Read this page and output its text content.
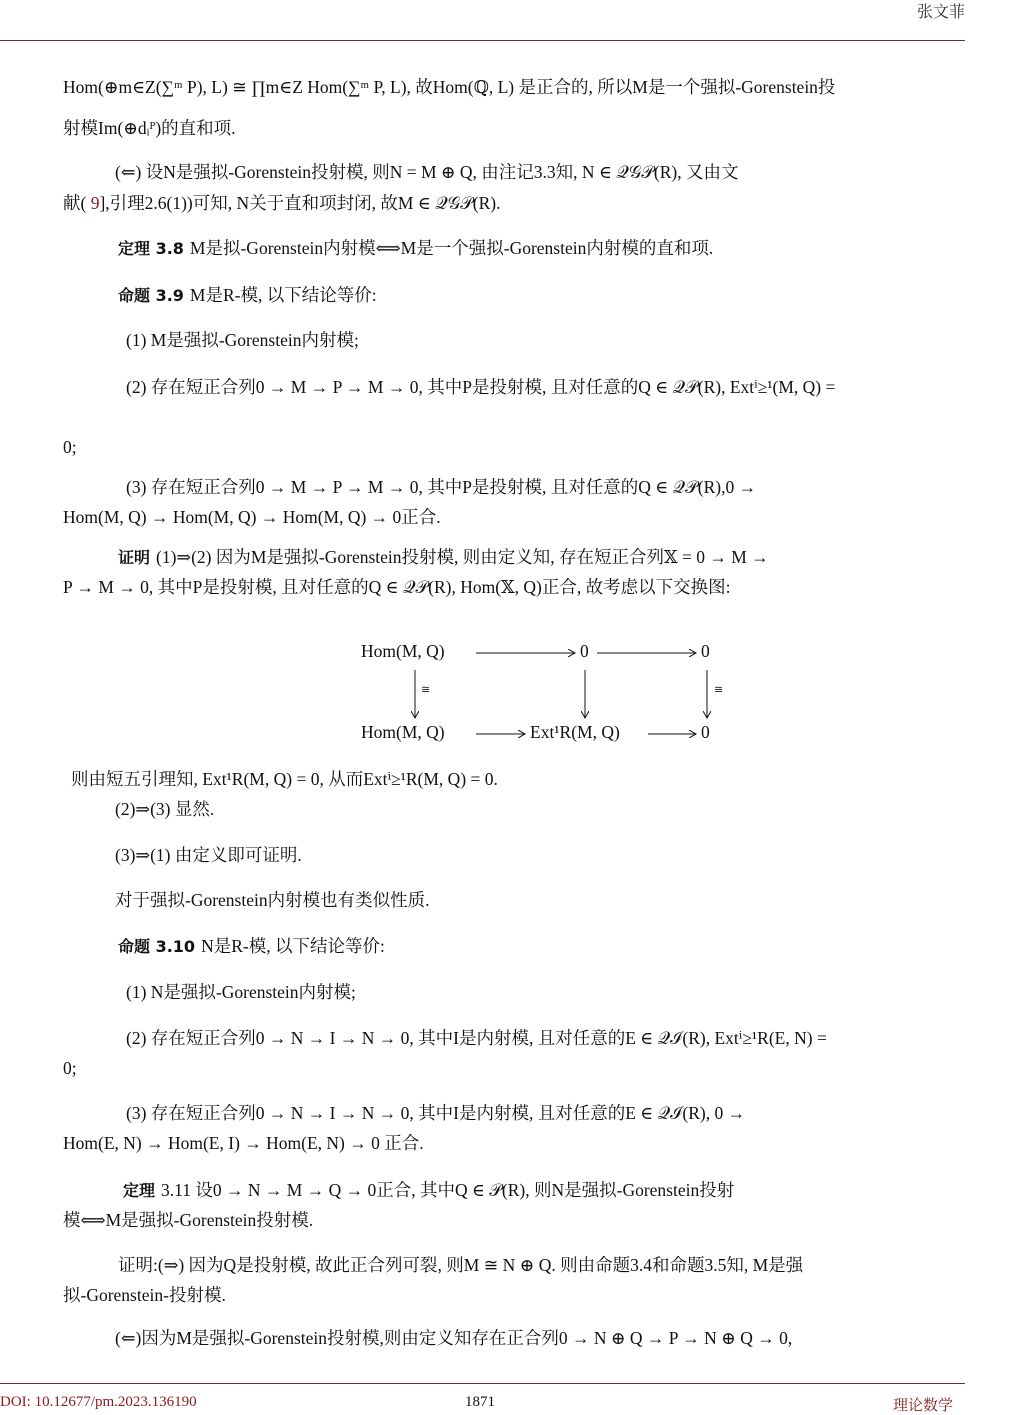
张文菲
Hom(⊕m∈Z(∑ᵐ P), L) ≅ ∏m∈Z Hom(∑ᵐ P, L), 故Hom(ℚ, L) 是正合的, 所以M是一个强拟-Gorenstein投
射模Im(⊕dᵢᴾ)的直和项.
(⇐) 设N是强拟-Gorenstein投射模, 则N = M ⊕ Q, 由注记3.3知, N ∈ 𝒬𝒢𝒫(R), 又由文
献( 9],引理2.6(1))可知, N关于直和项封闭, 故M ∈ 𝒬𝒢𝒫(R).
定理 3.8 M是拟-Gorenstein内射模⟺M是一个强拟-Gorenstein内射模的直和项.
命题 3.9 M是R-模, 以下结论等价:
(1) M是强拟-Gorenstein内射模;
(2) 存在短正合列0 → M → P → M → 0, 其中P是投射模, 且对任意的Q ∈ 𝒬𝒫(R), Extⁱ≥¹(M, Q) =
0;
(3) 存在短正合列0 → M → P → M → 0, 其中P是投射模, 且对任意的Q ∈ 𝒬𝒫(R),0 →
Hom(M, Q) → Hom(M, Q) → Hom(M, Q) → 0正合.
证明 (1)⇒(2) 因为M是强拟-Gorenstein投射模, 则由定义知, 存在短正合列𝕏 = 0 → M →
P → M → 0, 其中P是投射模, 且对任意的Q ∈ 𝒬𝒫(R), Hom(𝕏, Q)正合, 故考虑以下交换图:
则由短五引理知, Ext¹R(M, Q) = 0, 从而Extⁱ≥¹R(M, Q) = 0.
(2)⇒(3) 显然.
(3)⇒(1) 由定义即可证明.
对于强拟-Gorenstein内射模也有类似性质.
命题 3.10 N是R-模, 以下结论等价:
(1) N是强拟-Gorenstein内射模;
(2) 存在短正合列0 → N → I → N → 0, 其中I是内射模, 且对任意的E ∈ 𝒬ℐ(R), Extⁱ≥¹R(E, N) =
0;
(3) 存在短正合列0 → N → I → N → 0, 其中I是内射模, 且对任意的E ∈ 𝒬ℐ(R), 0 →
Hom(E, N) → Hom(E, I) → Hom(E, N) → 0 正合.
定理 3.11 设0 → N → M → Q → 0正合, 其中Q ∈ 𝒫(R), 则N是强拟-Gorenstein投射
模⟺M是强拟-Gorenstein投射模.
证明:(⇒) 因为Q是投射模, 故此正合列可裂, 则M ≅ N ⊕ Q. 则由命题3.4和命题3.5知, M是强
拟-Gorenstein-投射模.
(⇐)因为M是强拟-Gorenstein投射模,则由定义知存在正合列0 → N ⊕ Q → P → N ⊕ Q → 0,
Hom(M, Q)	0	0
Hom(M, Q)	Ext¹R(M, Q)	0
≅	≅
DOI: 10.12677/pm.2023.136190	1871	理论数学
